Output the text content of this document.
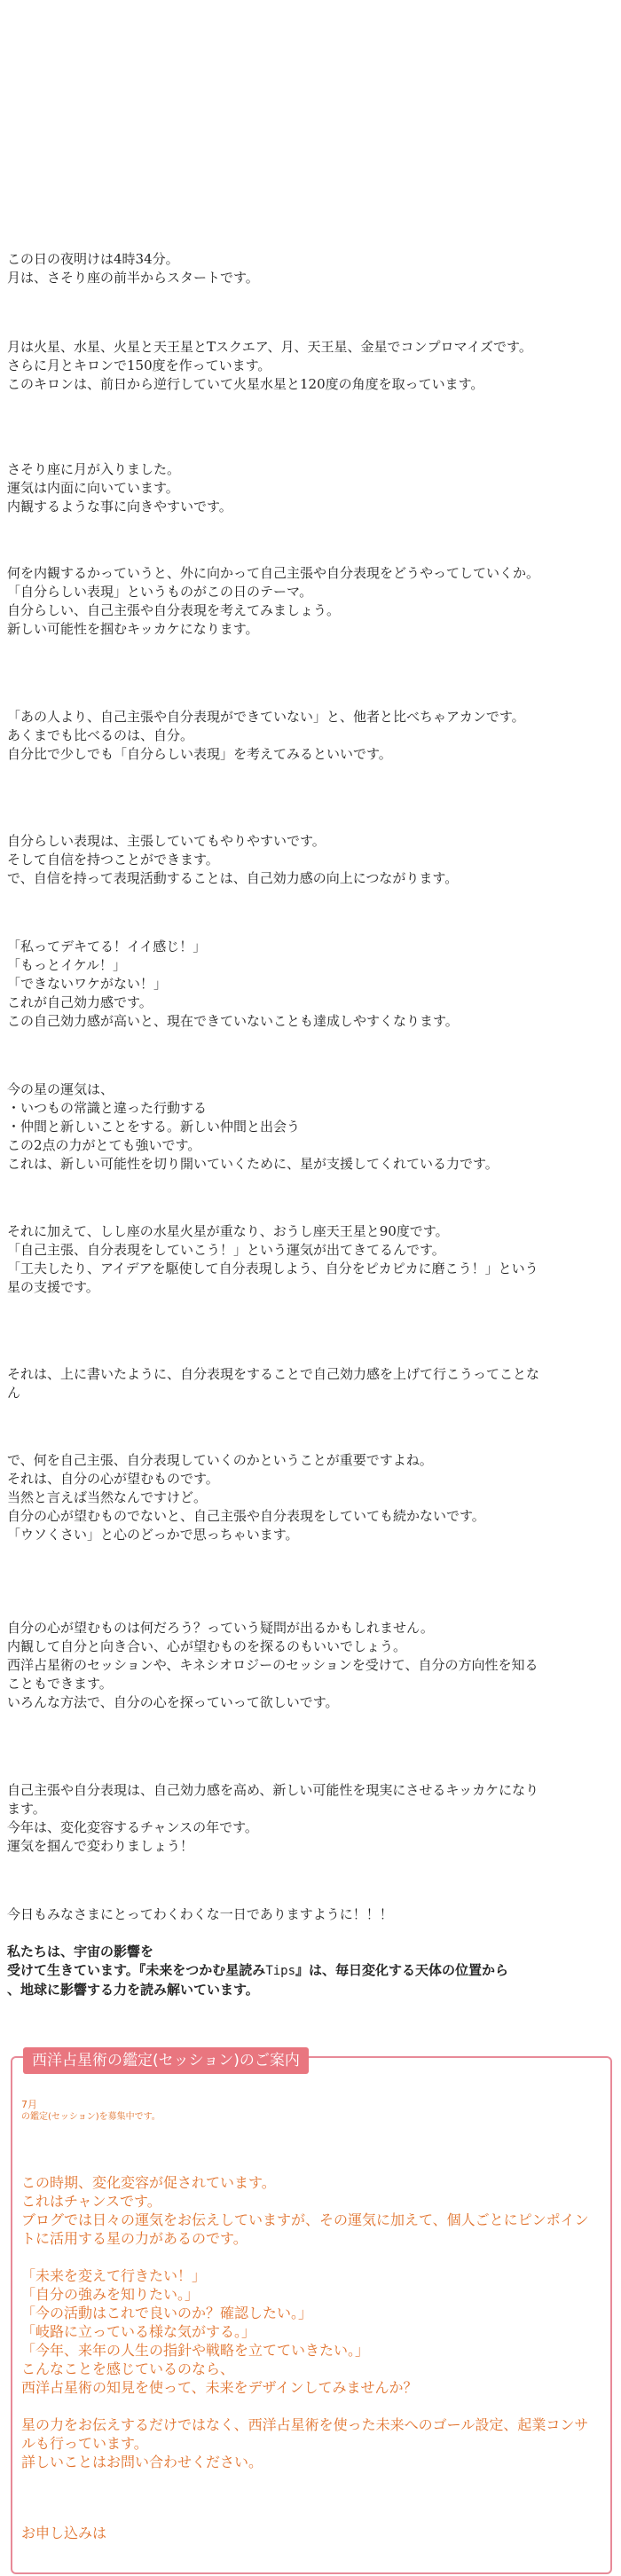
この日の夜明けは4時34分。
月は、さそり座の前半からスタートです。
月は火星、水星、火星と天王星とTスクエア、月、天王星、金星でコンプロマイズです。
さらに月とキロンで150度を作っています。
このキロンは、前日から逆行していて火星水星と120度の角度を取っています。
さそり座に月が入りました。
運気は内面に向いています。
内観するような事に向きやすいです。
何を内観するかっていうと、外に向かって自己主張や自分表現をどうやってしていくか。
「自分らしい表現」というものがこの日のテーマ。
自分らしい、自己主張や自分表現を考えてみましょう。
新しい可能性を掴むキッカケになります。
「あの人より、自己主張や自分表現ができていない」と、他者と比べちゃアカンです。
あくまでも比べるのは、自分。
自分比で少しでも「自分らしい表現」を考えてみるといいです。
自分らしい表現は、主張していてもやりやすいです。
そして自信を持つことができます。
で、自信を持って表現活動することは、自己効力感の向上につながります。
「私ってデキてる！イイ感じ！」
「もっとイケル！」
「できないワケがない！」
これが自己効力感です。
この自己効力感が高いと、現在できていないことも達成しやすくなります。
今の星の運気は、
・いつもの常識と違った行動する
・仲間と新しいことをする。新しい仲間と出会う
この2点の力がとても強いです。
これは、新しい可能性を切り開いていくために、星が支援してくれている力です。
それに加えて、しし座の水星火星が重なり、おうし座天王星と90度です。
「自己主張、自分表現をしていこう！」という運気が出てきてるんです。
「工夫したり、アイデアを駆使して自分表現しよう、自分をピカピカに磨こう！」という
星の支援です。
それは、上に書いたように、自分表現をすることで自己効力感を上げて行こうってことな
ん
で、何を自己主張、自分表現していくのかということが重要ですよね。
それは、自分の心が望むものです。
当然と言えば当然なんですけど。
自分の心が望むものでないと、自己主張や自分表現をしていても続かないです。
「ウソくさい」と心のどっかで思っちゃいます。
自分の心が望むものは何だろう？っていう疑問が出るかもしれません。
内観して自分と向き合い、心が望むものを探るのもいいでしょう。
西洋占星術のセッションや、キネシオロジーのセッションを受けて、自分の方向性を知る
こともできます。
いろんな方法で、自分の心を探っていって欲しいです。
自己主張や自分表現は、自己効力感を高め、新しい可能性を現実にさせるキッカケになり
ます。
今年は、変化変容するチャンスの年です。
運気を掴んで変わりましょう！
今日もみなさまにとってわくわくな一日でありますように！！！
私たちは、宇宙の影響を
受けて生きています。『未来をつかむ星読みTips』は、毎日変化する天体の位置から
、地球に影響する力を読み解いています。
西洋占星術の鑑定(セッション)のご案内
7月
の鑑定(セッション)を募集中です。
この時期、変化変容が促されています。
これはチャンスです。
ブログでは日々の運気をお伝えしていますが、その運気に加えて、個人ごとにピンポイン
トに活用する星の力があるのです。

「未来を変えて行きたい！」
「自分の強みを知りたい。」
「今の活動はこれで良いのか？確認したい。」
「岐路に立っている様な気がする。」
「今年、来年の人生の指針や戦略を立てていきたい。」
こんなことを感じているのなら、
西洋占星術の知見を使って、未来をデザインしてみませんか？

星の力をお伝えするだけではなく、西洋占星術を使った未来へのゴール設定、起業コンサ
ルも行っています。
詳しいことはお問い合わせください。
お申し込みは
